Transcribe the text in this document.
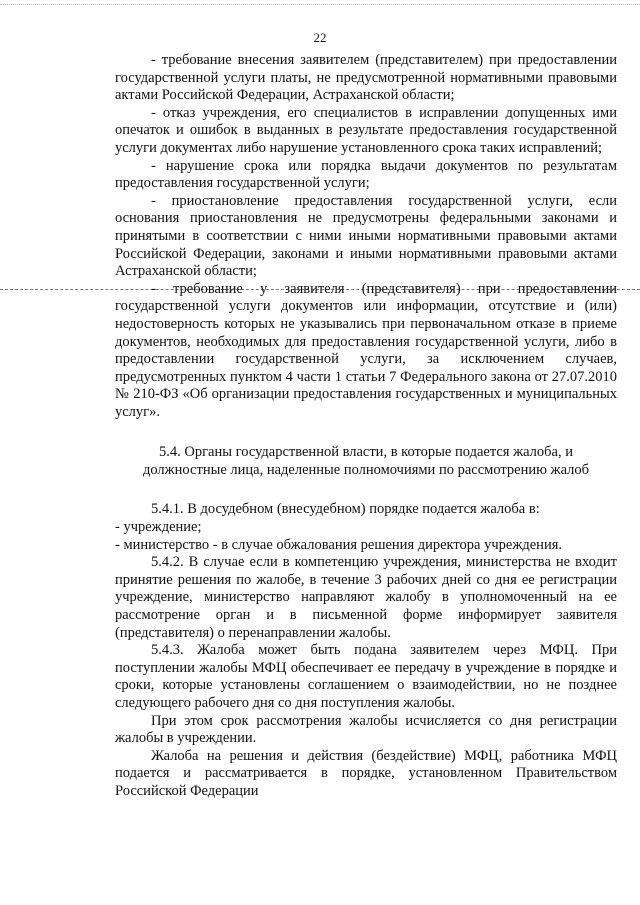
22

- требование внесения заявителем (представителем) при предоставлении государственной услуги платы, не предусмотренной нормативными правовыми актами Российской Федерации, Астраханской области;

- отказ учреждения, его специалистов в исправлении допущенных ими опечаток и ошибок в выданных в результате предоставления государственной услуги документах либо нарушение установленного срока таких исправлений;

- нарушение срока или порядка выдачи документов по результатам предоставления государственной услуги;

- приостановление предоставления государственной услуги, если основания приостановления не предусмотрены федеральными законами и принятыми в соответствии с ними иными нормативными правовыми актами Российской Федерации, законами и иными нормативными правовыми актами Астраханской области;

- требование у заявителя (представителя) при предоставлении государственной услуги документов или информации, отсутствие и (или) недостоверность которых не указывались при первоначальном отказе в приеме документов, необходимых для предоставления государственной услуги, либо в предоставлении государственной услуги, за исключением случаев, предусмотренных пунктом 4 части 1 статьи 7 Федерального закона от 27.07.2010 № 210-ФЗ «Об организации предоставления государственных и муниципальных услуг».

5.4. Органы государственной власти, в которые подается жалоба, и
должностные лица, наделенные полномочиями по рассмотрению жалоб

5.4.1. В досудебном (внесудебном) порядке подается жалоба в:

- учреждение;

- министерство - в случае обжалования решения директора учреждения.

5.4.2. В случае если в компетенцию учреждения, министерства не входит принятие решения по жалобе, в течение 3 рабочих дней со дня ее регистрации учреждение, министерство направляют жалобу в уполномоченный на ее рассмотрение орган и в письменной форме информирует заявителя (представителя) о перенаправлении жалобы.

5.4.3. Жалоба может быть подана заявителем через МФЦ. При поступлении жалобы МФЦ обеспечивает ее передачу в учреждение в порядке и сроки, которые установлены соглашением о взаимодействии, но не позднее следующего рабочего дня со дня поступления жалобы.

При этом срок рассмотрения жалобы исчисляется со дня регистрации жалобы в учреждении.

Жалоба на решения и действия (бездействие) МФЦ, работника МФЦ подается и рассматривается в порядке, установленном Правительством Российской Федерации
